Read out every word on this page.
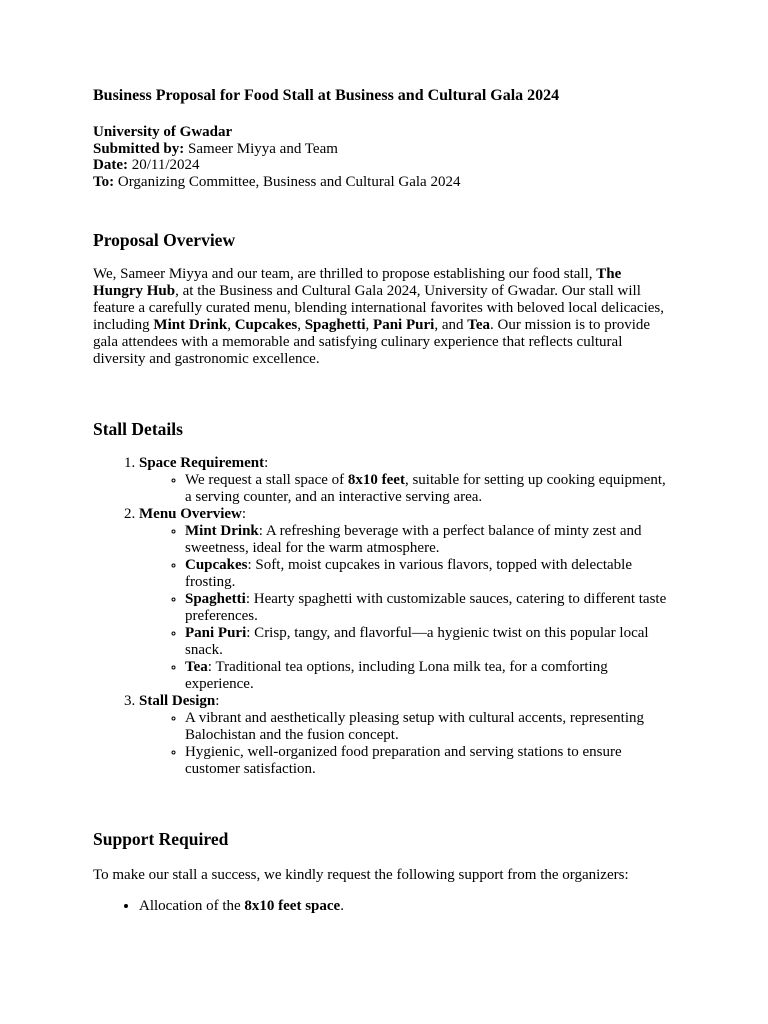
Business Proposal for Food Stall at Business and Cultural Gala 2024

University of Gwadar

Submitted by: Sameer Miyya and Team

Date: 20/11/2024

To: Organizing Committee, Business and Cultural Gala 2024

Proposal Overview

We, Sameer Miyya and our team, are thrilled to propose establishing our food stall, The Hungry Hub, at the Business and Cultural Gala 2024, University of Gwadar. Our stall will feature a carefully curated menu, blending international favorites with beloved local delicacies, including Mint Drink, Cupcakes, Spaghetti, Pani Puri, and Tea. Our mission is to provide gala attendees with a memorable and satisfying culinary experience that reflects cultural diversity and gastronomic excellence.

Stall Details
1. Space Requirement:
◦ We request a stall space of 8x10 feet, suitable for setting up cooking equipment, a serving counter, and an interactive serving area.
2. Menu Overview:
◦ Mint Drink: A refreshing beverage with a perfect balance of minty zest and sweetness, ideal for the warm atmosphere.
◦ Cupcakes: Soft, moist cupcakes in various flavors, topped with delectable frosting.
◦ Spaghetti: Hearty spaghetti with customizable sauces, catering to different taste preferences.
◦ Pani Puri: Crisp, tangy, and flavorful—a hygienic twist on this popular local snack.
◦ Tea: Traditional tea options, including Lona milk tea, for a comforting experience.
3. Stall Design:
◦ A vibrant and aesthetically pleasing setup with cultural accents, representing Balochistan and the fusion concept.
◦ Hygienic, well-organized food preparation and serving stations to ensure customer satisfaction.
Support Required

To make our stall a success, we kindly request the following support from the organizers:

• Allocation of the 8x10 feet space.
